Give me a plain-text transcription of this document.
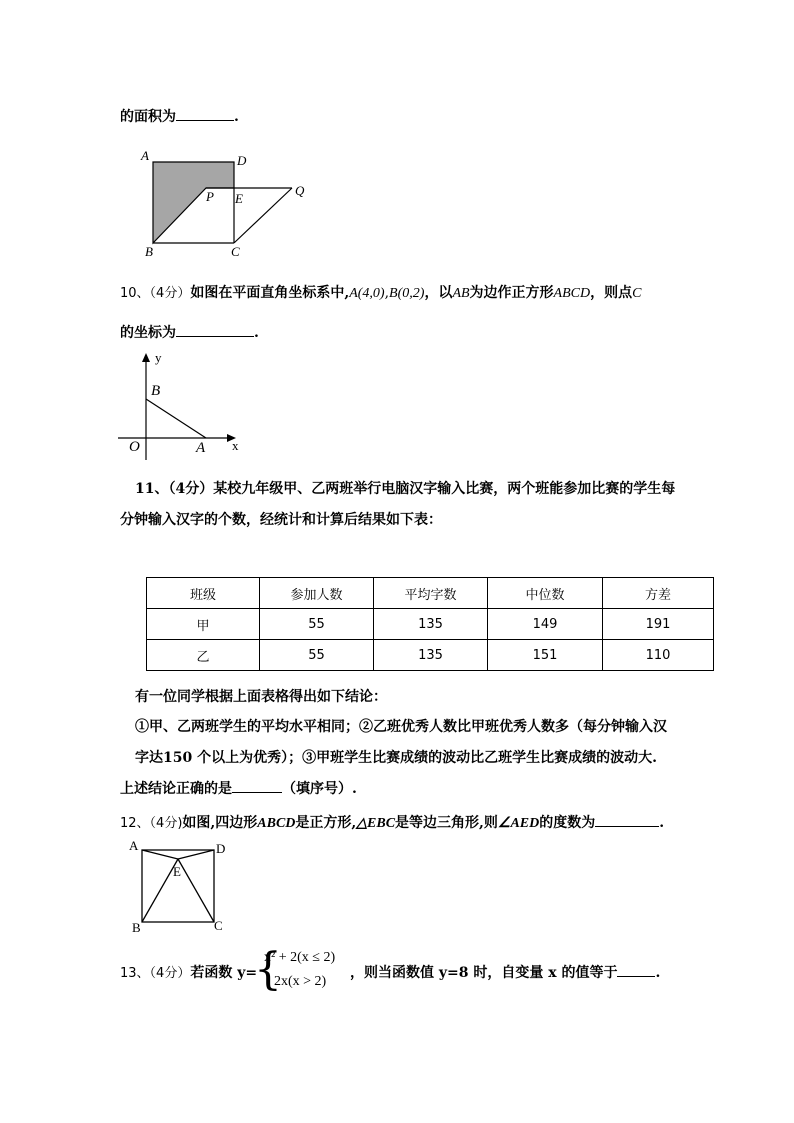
的面积为	.
A	D
P E
Q
B	C
10、（4分）如图在平面直角坐标系中,A(4,0),B(0,2)，以AB为边作正方形ABCD，则点C
的坐标为	.
y
x
B
O	A
11、（4分）某校九年级甲、乙两班举行电脑汉字输入比赛，两个班能参加比赛的学生每
分钟输入汉字的个数，经统计和计算后结果如下表：
班级	参加人数	平均字数	中位数	方差
甲	55	135	149	191
乙	55	135	151	110
有一位同学根据上面表格得出如下结论：
①甲、乙两班学生的平均水平相同；②乙班优秀人数比甲班优秀人数多（每分钟输入汉
字达150 个以上为优秀）；③甲班学生比赛成绩的波动比乙班学生比赛成绩的波动大.
上述结论正确的是	（填序号）.
12、（4分)如图,四边形ABCD是正方形,△EBC是等边三角形,则∠AED的度数为	.
A	D
E
B	C
13、（4分）若函数 y=
{
x² + 2(x ≤ 2)
2x(x > 2)
，则当函数值 y=8 时，自变量 x 的值等于	.
